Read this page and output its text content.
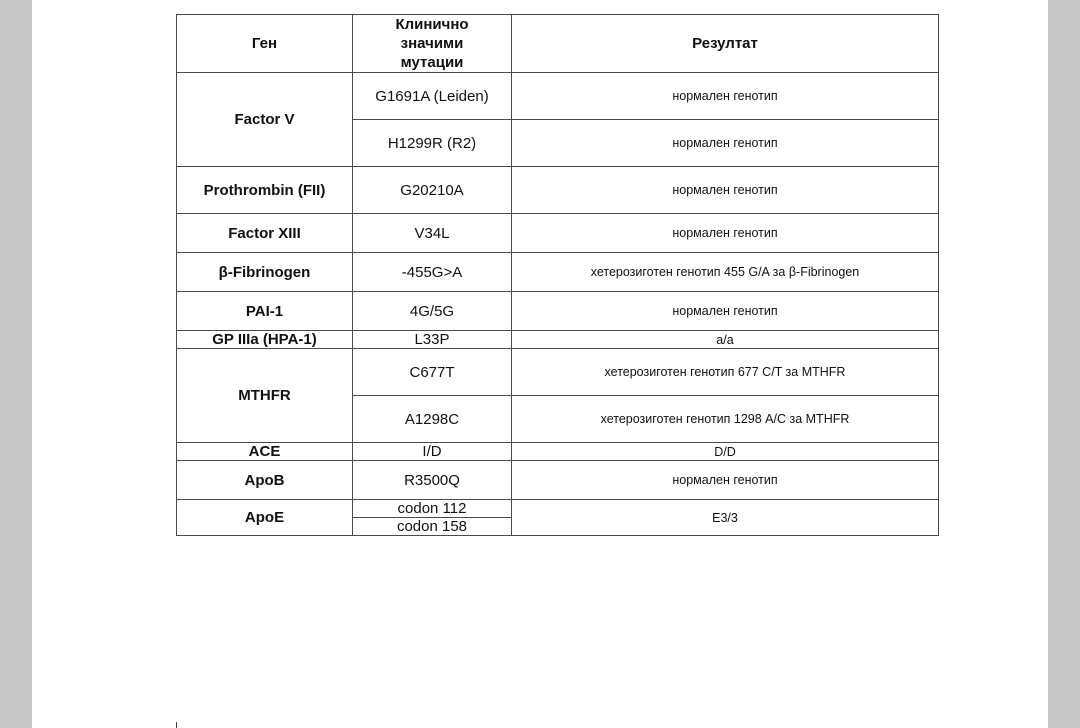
Ген	Клинично
значими
мутации	Резултат
Factor V	G1691A (Leiden)	нормален генотип
	H1299R (R2)	нормален генотип
Prothrombin (FII)	G20210A	нормален генотип
Factor XIII	V34L	нормален генотип
β-Fibrinogen	-455G>A	хетерозиготен генотип 455 G/A за β-Fibrinogen
PAI-1	4G/5G	нормален генотип
GP IIIa (HPA-1)	L33P	a/a
MTHFR	C677T	хетерозиготен генотип 677 C/T за MTHFR
	A1298C	хетерозиготен генотип 1298 A/C за MTHFR
ACE	I/D	D/D
ApoB	R3500Q	нормален генотип
ApoE	codon 112	E3/3
	codon 158	
